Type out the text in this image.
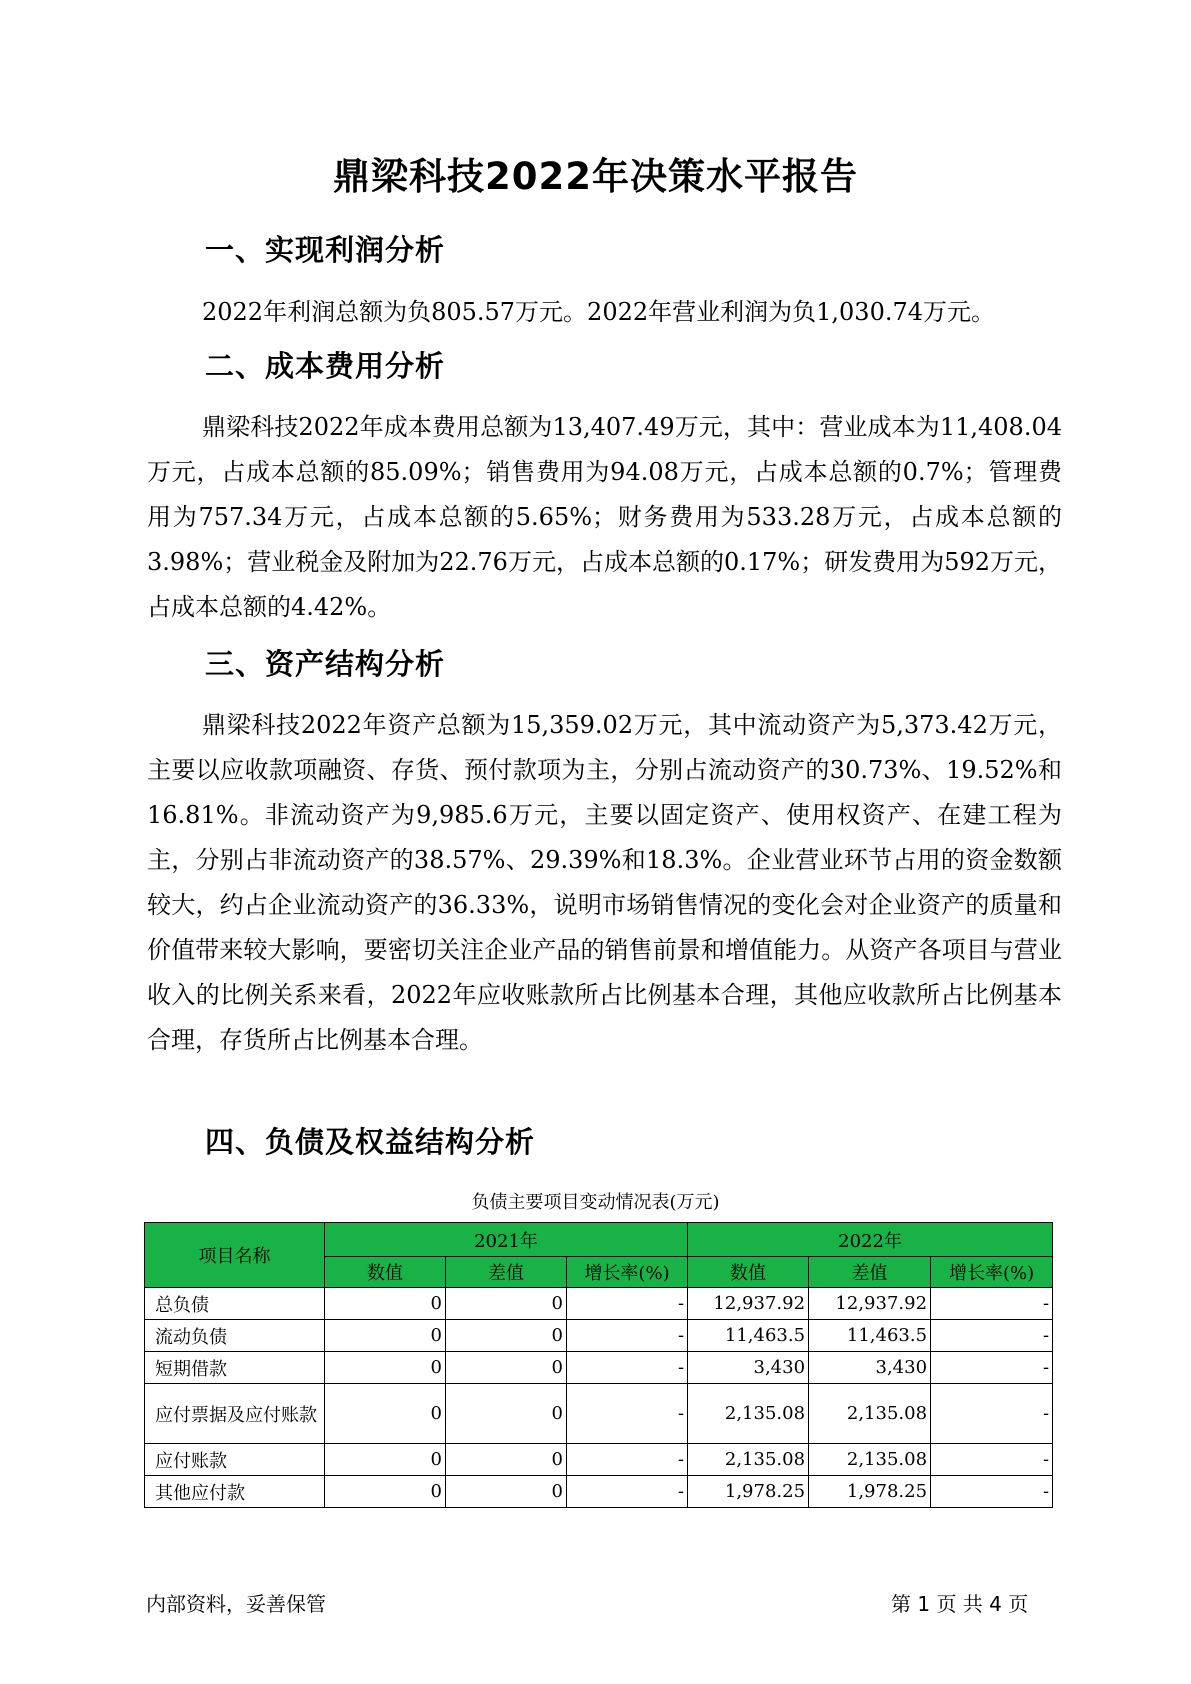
鼎梁科技2022年决策水平报告
一、实现利润分析

2022年利润总额为负805.57万元。2022年营业利润为负1,030.74万元。

二、成本费用分析

鼎梁科技2022年成本费用总额为13,407.49万元，其中：营业成本为11,408.04万元，占成本总额的85.09%；销售费用为94.08万元，占成本总额的0.7%；管理费用为757.34万元，占成本总额的5.65%；财务费用为533.28万元，占成本总额的3.98%；营业税金及附加为22.76万元，占成本总额的0.17%；研发费用为592万元，占成本总额的4.42%。

三、资产结构分析

鼎梁科技2022年资产总额为15,359.02万元，其中流动资产为5,373.42万元，主要以应收款项融资、存货、预付款项为主，分别占流动资产的30.73%、19.52%和16.81%。非流动资产为9,985.6万元，主要以固定资产、使用权资产、在建工程为主，分别占非流动资产的38.57%、29.39%和18.3%。企业营业环节占用的资金数额较大，约占企业流动资产的36.33%，说明市场销售情况的变化会对企业资产的质量和价值带来较大影响，要密切关注企业产品的销售前景和增值能力。从资产各项目与营业收入的比例关系来看，2022年应收账款所占比例基本合理，其他应收款所占比例基本合理，存货所占比例基本合理。

四、负债及权益结构分析
负债主要项目变动情况表(万元)
项目名称	2021年			2022年		
	数值	差值	增长率(%)	数值	差值	增长率(%)
总负债	0	0	-	12,937.92	12,937.92	-
流动负债	0	0	-	11,463.5	11,463.5	-
短期借款	0	0	-	3,430	3,430	-
应付票据及应付账款	0	0	-	2,135.08	2,135.08	-
应付账款	0	0	-	2,135.08	2,135.08	-
其他应付款	0	0	-	1,978.25	1,978.25	-
内部资料，妥善保管	第 1 页 共 4 页
